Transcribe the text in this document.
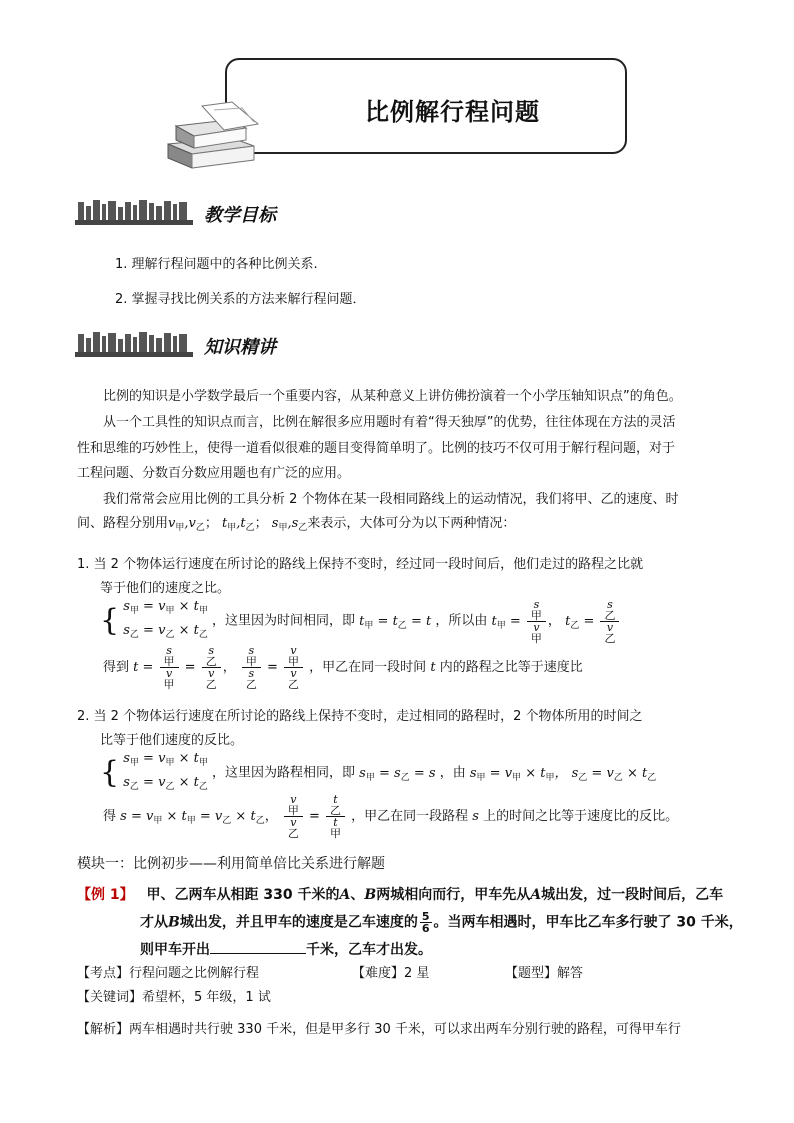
比例解行程问题
教学目标
1. 理解行程问题中的各种比例关系.
2. 掌握寻找比例关系的方法来解行程问题．
知识精讲
比例的知识是小学数学最后一个重要内容，从某种意义上讲仿佛扮演着一个小学压轴知识点”的角色。
从一个工具性的知识点而言，比例在解很多应用题时有着“得天独厚”的优势，往往体现在方法的灵活
性和思维的巧妙性上，使得一道看似很难的题目变得简单明了。比例的技巧不仅可用于解行程问题，对于
工程问题、分数百分数应用题也有广泛的应用。
我们常常会应用比例的工具分析 2 个物体在某一段相同路线上的运动情况，我们将甲、乙的速度、时
间、路程分别用$v_甲,v_乙$； $t_甲,t_乙$； $s_甲,s_乙$来表示，大体可分为以下两种情况：
1. 当 2 个物体运行速度在所讨论的路线上保持不变时，经过同一段时间后，他们走过的路程之比就
等于他们的速度之比。
{ $s_甲 = v_甲 \times t_甲$
$s_乙 = v_乙 \times t_乙$ ，这里因为时间相同，即 $t_甲 = t_乙 = t$ ，所以由 $t_甲 = s$
甲
v
甲 ， $t_乙 = s$
乙
v
乙
得到 t = s
甲
v
甲 = s
乙
v
乙 ， s
甲
s
乙 = v
甲
v
乙 ，甲乙在同一段时间 t 内的路程之比等于速度比
2. 当 2 个物体运行速度在所讨论的路线上保持不变时，走过相同的路程时，2 个物体所用的时间之
比等于他们速度的反比。
{ $s_甲 = v_甲 \times t_甲$
$s_乙 = v_乙 \times t_乙$ ，这里因为路程相同，即 $s_甲 = s_乙 = s$ ，由 $s_甲 = v_甲 \times t_甲$， $s_乙 = v_乙 \times t_乙$
得 $s = v_甲 \times t_甲 = v_乙 \times t_乙$， v
甲
v
乙 = t
乙
t
甲 ，甲乙在同一段路程 s 上的时间之比等于速度比的反比。
模块一：比例初步——利用简单倍比关系进行解题
【例 1】 甲、乙两车从相距 330 千米的A、B两城相向而行，甲车先从A城出发，过一段时间后，乙车
才从B城出发，并且甲车的速度是乙车速度的 $\frac{5}{6}$ 。当两车相遇时，甲车比乙车多行驶了 30 千米，
则甲车开出	千米，乙车才出发。
【考点】行程问题之比例解行程	【难度】2 星	【题型】解答
【关键词】希望杯，5 年级，1 试
【解析】两车相遇时共行驶 330 千米，但是甲多行 30 千米，可以求出两车分别行驶的路程，可得甲车行
